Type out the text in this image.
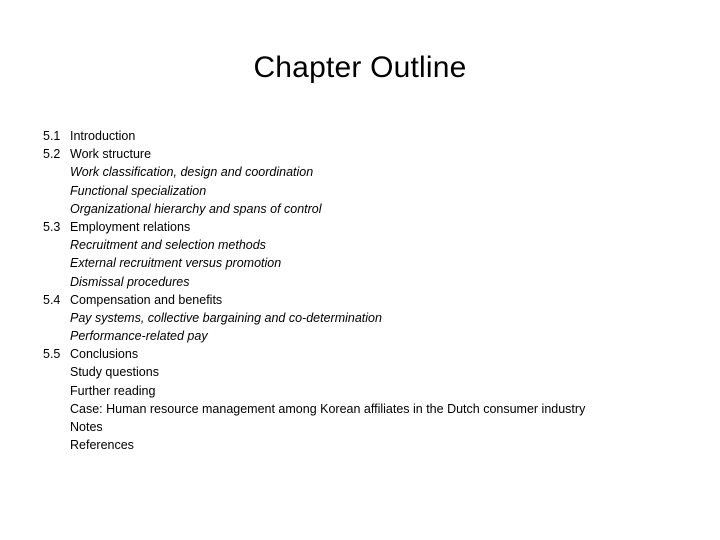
Chapter Outline
5.1 Introduction
5.2 Work structure
Work classification, design and coordination
Functional specialization
Organizational hierarchy and spans of control
5.3 Employment relations
Recruitment and selection methods
External recruitment versus promotion
Dismissal procedures
5.4 Compensation and benefits
Pay systems, collective bargaining and co-determination
Performance-related pay
5.5 Conclusions
Study questions
Further reading
Case: Human resource management among Korean affiliates in the Dutch consumer industry
Notes
References
